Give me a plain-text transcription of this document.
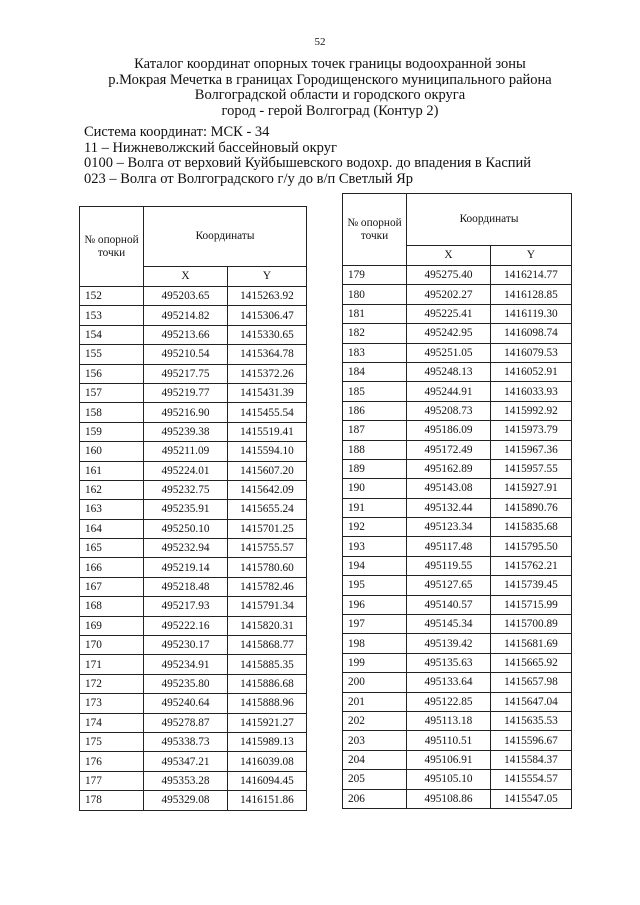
52
Каталог координат опорных точек границы водоохранной зоны
р.Мокрая Мечетка в границах Городищенского муниципального района
Волгоградской области и городского округа
город - герой Волгоград (Контур 2)
Система координат: МСК - 34
11 – Нижневолжский бассейновый округ
0100 – Волга от верховий Куйбышевского водохр. до впадения в Каспий
023 – Волга от Волгоградского г/у до в/п Светлый Яр
№ опорной точки	Координаты	
	X	Y
152	495203.65	1415263.92
153	495214.82	1415306.47
154	495213.66	1415330.65
155	495210.54	1415364.78
156	495217.75	1415372.26
157	495219.77	1415431.39
158	495216.90	1415455.54
159	495239.38	1415519.41
160	495211.09	1415594.10
161	495224.01	1415607.20
162	495232.75	1415642.09
163	495235.91	1415655.24
164	495250.10	1415701.25
165	495232.94	1415755.57
166	495219.14	1415780.60
167	495218.48	1415782.46
168	495217.93	1415791.34
169	495222.16	1415820.31
170	495230.17	1415868.77
171	495234.91	1415885.35
172	495235.80	1415886.68
173	495240.64	1415888.96
174	495278.87	1415921.27
175	495338.73	1415989.13
176	495347.21	1416039.08
177	495353.28	1416094.45
178	495329.08	1416151.86
№ опорной точки	Координаты	
	X	Y
179	495275.40	1416214.77
180	495202.27	1416128.85
181	495225.41	1416119.30
182	495242.95	1416098.74
183	495251.05	1416079.53
184	495248.13	1416052.91
185	495244.91	1416033.93
186	495208.73	1415992.92
187	495186.09	1415973.79
188	495172.49	1415967.36
189	495162.89	1415957.55
190	495143.08	1415927.91
191	495132.44	1415890.76
192	495123.34	1415835.68
193	495117.48	1415795.50
194	495119.55	1415762.21
195	495127.65	1415739.45
196	495140.57	1415715.99
197	495145.34	1415700.89
198	495139.42	1415681.69
199	495135.63	1415665.92
200	495133.64	1415657.98
201	495122.85	1415647.04
202	495113.18	1415635.53
203	495110.51	1415596.67
204	495106.91	1415584.37
205	495105.10	1415554.57
206	495108.86	1415547.05
